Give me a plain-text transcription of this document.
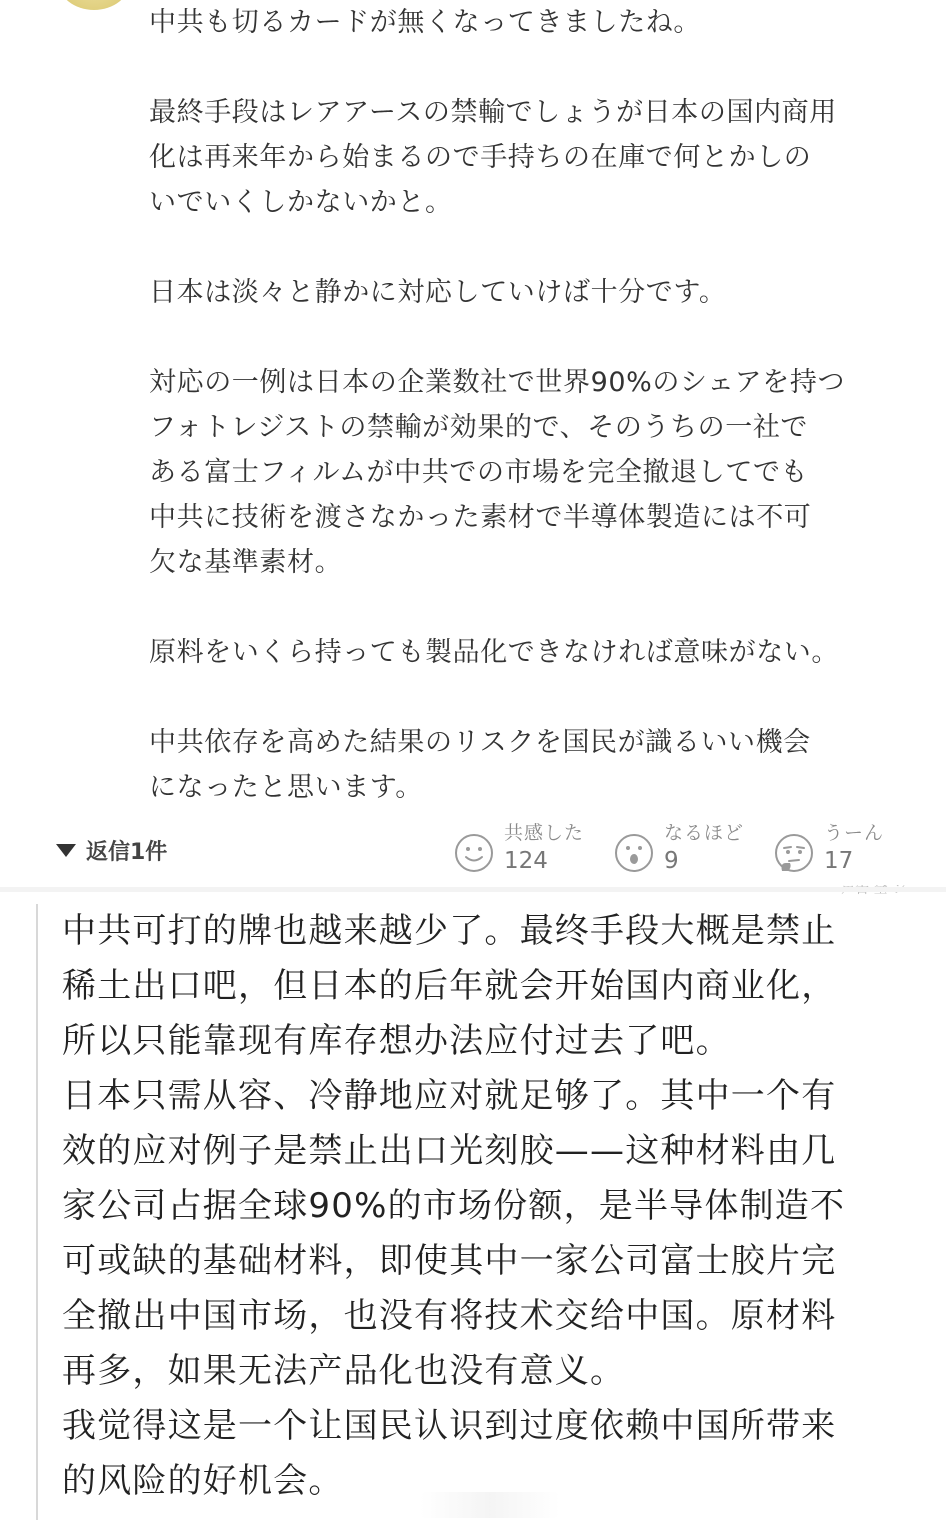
中共も切るカードが無くなってきましたね。

最終手段はレアアースの禁輸でしょうが日本の国内商用
化は再来年から始まるので手持ちの在庫で何とかしの
いでいくしかないかと。

日本は淡々と静かに対応していけば十分です。

対応の一例は日本の企業数社で世界90%のシェアを持つ
フォトレジストの禁輸が効果的で、そのうちの一社で
ある富士フィルムが中共での市場を完全撤退してでも
中共に技術を渡さなかった素材で半導体製造には不可
欠な基準素材。

原料をいくら持っても製品化できなければ意味がない。

中共依存を高めた結果のリスクを国民が識るいい機会
になったと思います。

返信1件
共感した
124
なるほど
9
うーん
17

中共可打的牌也越来越少了。最终手段大概是禁止
稀土出口吧，但日本的后年就会开始国内商业化，
所以只能靠现有库存想办法应付过去了吧。

日本只需从容、冷静地应对就足够了。其中一个有
效的应对例子是禁止出口光刻胶——这种材料由几
家公司占据全球90%的市场份额，是半导体制造不
可或缺的基础材料，即使其中一家公司富士胶片完
全撤出中国市场，也没有将技术交给中国。原材料
再多，如果无法产品化也没有意义。

我觉得这是一个让国民认识到过度依赖中国所带来
的风险的好机会。
